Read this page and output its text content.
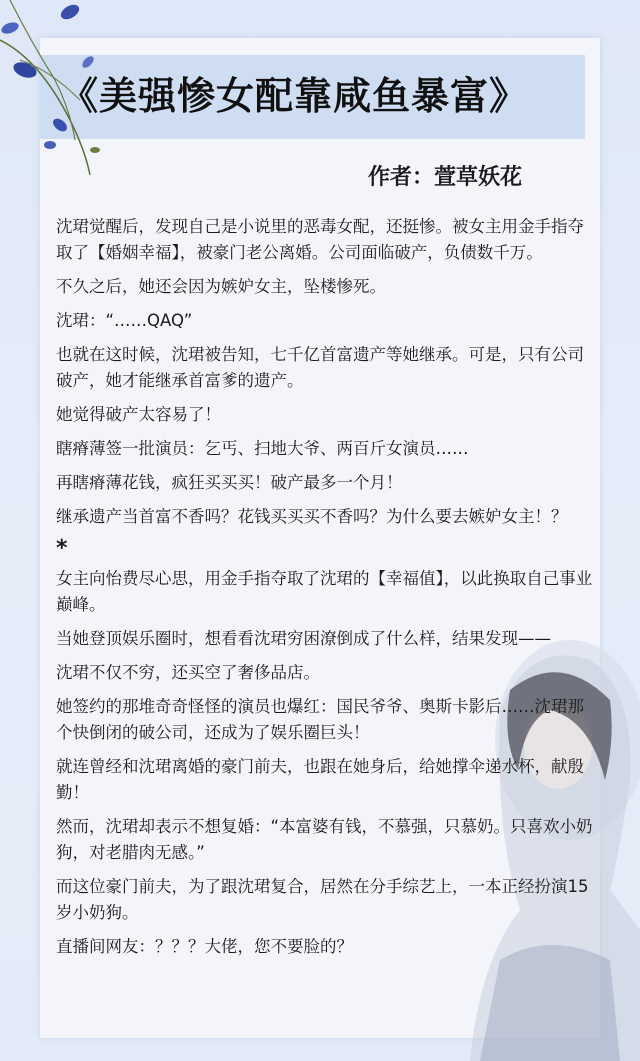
《美强惨女配靠咸鱼暴富》
作者：萱草妖花

沈珺觉醒后，发现自己是小说里的恶毒女配，还挺惨。被女主用金手指夺取了【婚姻幸福】，被豪门老公离婚。公司面临破产，负债数千万。

不久之后，她还会因为嫉妒女主，坠楼惨死。

沈珺：“……QAQ”

也就在这时候，沈珺被告知，七千亿首富遗产等她继承。可是，只有公司破产，她才能继承首富爹的遗产。

她觉得破产太容易了！

瞎瘠薄签一批演员：乞丐、扫地大爷、两百斤女演员……

再瞎瘠薄花钱，疯狂买买买！破产最多一个月！

继承遗产当首富不香吗？花钱买买买不香吗？为什么要去嫉妒女主！？

*

女主向怡费尽心思，用金手指夺取了沈珺的【幸福值】，以此换取自己事业巅峰。

当她登顶娱乐圈时，想看看沈珺穷困潦倒成了什么样，结果发现——

沈珺不仅不穷，还买空了奢侈品店。

她签约的那堆奇奇怪怪的演员也爆红：国民爷爷、奥斯卡影后……沈珺那个快倒闭的破公司，还成为了娱乐圈巨头！

就连曾经和沈珺离婚的豪门前夫，也跟在她身后，给她撑伞递水杯，献殷勤！

然而，沈珺却表示不想复婚：“本富婆有钱，不慕强，只慕奶。只喜欢小奶狗，对老腊肉无感。”

而这位豪门前夫，为了跟沈珺复合，居然在分手综艺上，一本正经扮演15岁小奶狗。

直播间网友：？？？大佬，您不要脸的？
